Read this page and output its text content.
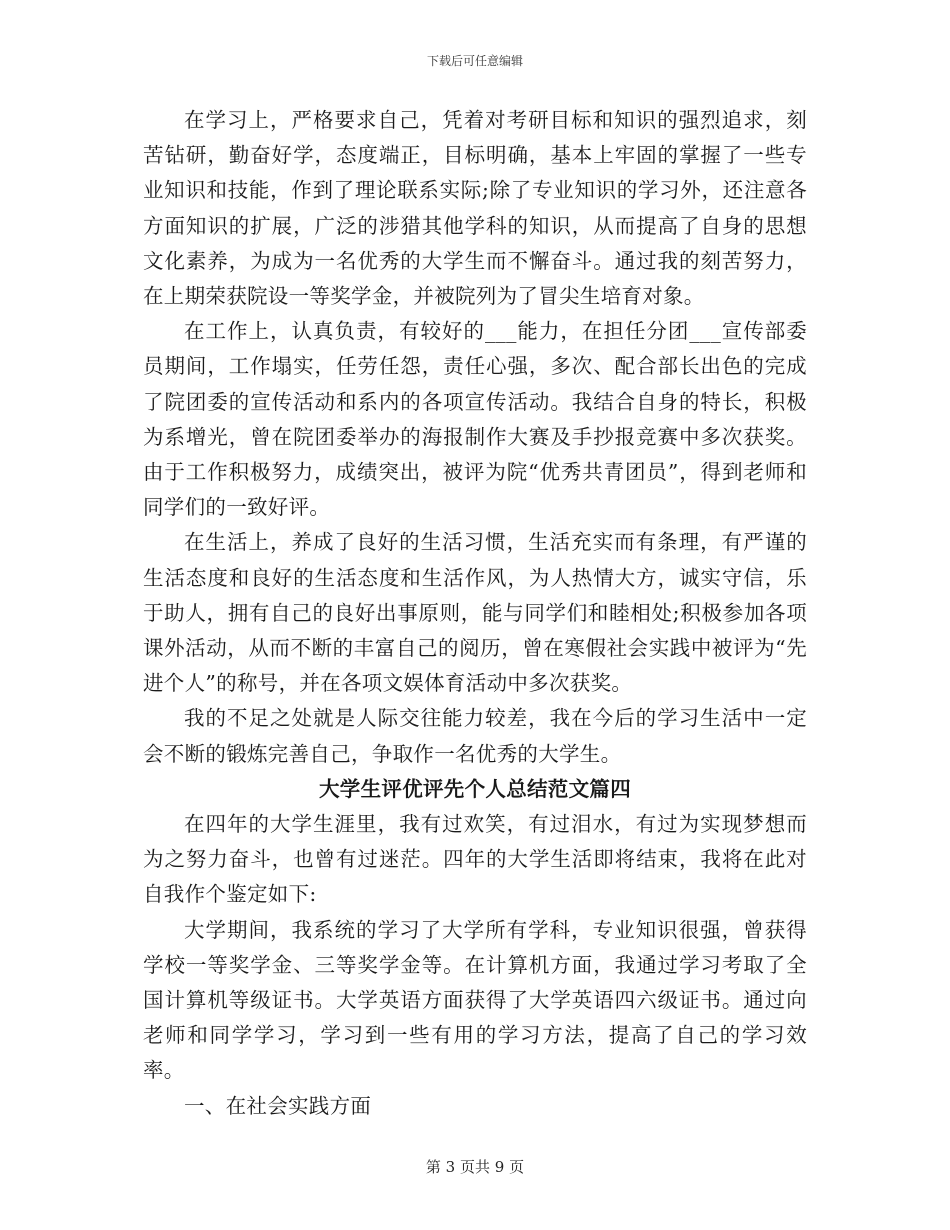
下载后可任意编辑

在学习上，严格要求自己，凭着对考研目标和知识的强烈追求，刻苦钻研，勤奋好学，态度端正，目标明确，基本上牢固的掌握了一些专业知识和技能，作到了理论联系实际;除了专业知识的学习外，还注意各方面知识的扩展，广泛的涉猎其他学科的知识，从而提高了自身的思想文化素养，为成为一名优秀的大学生而不懈奋斗。通过我的刻苦努力，在上期荣获院设一等奖学金，并被院列为了冒尖生培育对象。

在工作上，认真负责，有较好的___能力，在担任分团___宣传部委员期间，工作塌实，任劳任怨，责任心强，多次、配合部长出色的完成了院团委的宣传活动和系内的各项宣传活动。我结合自身的特长，积极为系增光，曾在院团委举办的海报制作大赛及手抄报竞赛中多次获奖。由于工作积极努力，成绩突出，被评为院“优秀共青团员”，得到老师和同学们的一致好评。

在生活上，养成了良好的生活习惯，生活充实而有条理，有严谨的生活态度和良好的生活态度和生活作风，为人热情大方，诚实守信，乐于助人，拥有自己的良好出事原则，能与同学们和睦相处;积极参加各项课外活动，从而不断的丰富自己的阅历，曾在寒假社会实践中被评为“先进个人”的称号，并在各项文娱体育活动中多次获奖。

我的不足之处就是人际交往能力较差，我在今后的学习生活中一定会不断的锻炼完善自己，争取作一名优秀的大学生。

大学生评优评先个人总结范文篇四

在四年的大学生涯里，我有过欢笑，有过泪水，有过为实现梦想而为之努力奋斗，也曾有过迷茫。四年的大学生活即将结束，我将在此对自我作个鉴定如下:

大学期间，我系统的学习了大学所有学科，专业知识很强，曾获得学校一等奖学金、三等奖学金等。在计算机方面，我通过学习考取了全国计算机等级证书。大学英语方面获得了大学英语四六级证书。通过向老师和同学学习，学习到一些有用的学习方法，提高了自己的学习效率。

一、在社会实践方面

第 3 页共 9 页
